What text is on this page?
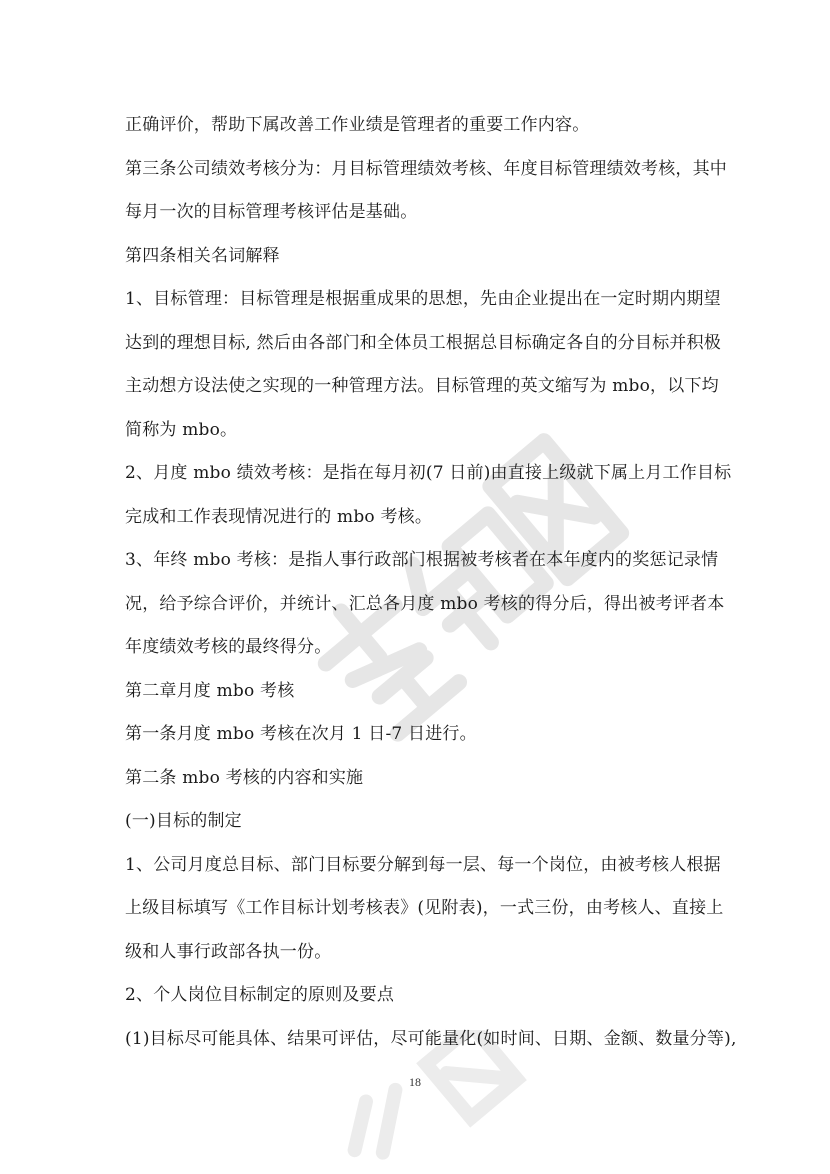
正确评价，帮助下属改善工作业绩是管理者的重要工作内容。
第三条公司绩效考核分为：月目标管理绩效考核、年度目标管理绩效考核，其中
每月一次的目标管理考核评估是基础。
第四条相关名词解释
1、目标管理：目标管理是根据重成果的思想，先由企业提出在一定时期内期望
达到的理想目标, 然后由各部门和全体员工根据总目标确定各自的分目标并积极
主动想方设法使之实现的一种管理方法。目标管理的英文缩写为 mbo，以下均
简称为 mbo。
2、月度 mbo 绩效考核：是指在每月初(7 日前)由直接上级就下属上月工作目标
完成和工作表现情况进行的 mbo 考核。
3、年终 mbo 考核：是指人事行政部门根据被考核者在本年度内的奖惩记录情
况，给予综合评价，并统计、汇总各月度 mbo 考核的得分后，得出被考评者本
年度绩效考核的最终得分。
第二章月度 mbo 考核
第一条月度 mbo 考核在次月 1 日-7 日进行。
第二条 mbo 考核的内容和实施
(一)目标的制定
1、公司月度总目标、部门目标要分解到每一层、每一个岗位，由被考核人根据
上级目标填写《工作目标计划考核表》(见附表)，一式三份，由考核人、直接上
级和人事行政部各执一份。
2、个人岗位目标制定的原则及要点
(1)目标尽可能具体、结果可评估，尽可能量化(如时间、日期、金额、数量分等),
18
